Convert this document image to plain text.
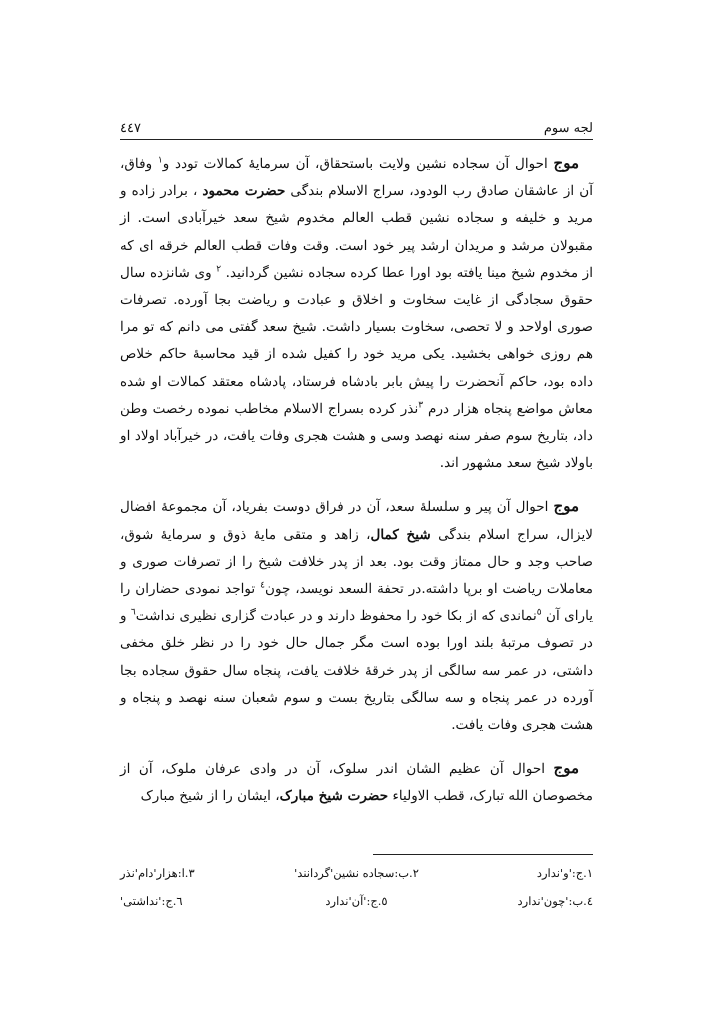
لجه سوم
٤٤٧

موج احوال آن سجاده نشین ولایت باستحقاق، آن سرمایهٔ کمالات تودد و$^١$ وفاق، آن از عاشقان صادق رب الودود، سراج الاسلام بندگی حضرت محمود ، برادر زاده و مرید و خلیفه و سجاده نشین قطب العالم مخدوم شیخ سعد خیرآبادی است. از مقبولان مرشد و مریدان ارشد پیر خود است. وقت وفات قطب العالم خرقه ای که از مخدوم شیخ مینا یافته بود اورا عطا کرده سجاده نشین گردانید. $^٢$ وی شانزده سال حقوق سجادگی از غایت سخاوت و اخلاق و عبادت و ریاضت بجا آورده. تصرفات صوری اولاحد و لا تحصی، سخاوت بسیار داشت. شیخ سعد گفتی می دانم که تو مرا هم روزی خواهی بخشید. یکی مرید خود را کفیل شده از قید محاسبهٔ حاکم خلاص داده بود، حاکم آنحضرت را پیش بابر بادشاه فرستاد، پادشاه معتقد کمالات او شده معاش مواضع پنجاه هزار درم $^٣$نذر کرده بسراج الاسلام مخاطب نموده رخصت وطن داد، بتاریخ سوم صفر سنه نهصد وسی و هشت هجری وفات یافت، در خیرآباد اولاد او باولاد شیخ سعد مشهور اند.

موج احوال آن پیر و سلسلهٔ سعد، آن در فراق دوست بفریاد، آن مجموعهٔ افضال لایزال، سراج اسلام بندگی شیخ کمال، زاهد و متقی مایهٔ ذوق و سرمایهٔ شوق، صاحب وجد و حال ممتاز وقت بود. بعد از پدر خلافت شیخ را از تصرفات صوری و معاملات ریاضت او برپا داشته.در تحفة السعد نویسد، چون$^٤$ تواجد نمودی حضاران را یارای آن $^٥$نماندی که از بکا خود را محفوظ دارند و در عبادت گزاری نظیری نداشت$^٦$ و در تصوف مرتبهٔ بلند اورا بوده است مگر جمال حال خود را در نظر خلق مخفی داشتی، در عمر سه سالگی از پدر خرقهٔ خلافت یافت، پنجاه سال حقوق سجاده بجا آورده در عمر پنجاه و سه سالگی بتاریخ بست و سوم شعبان سنه نهصد و پنجاه و هشت هجری وفات یافت.

موج احوال آن عظیم الشان اندر سلوک، آن در وادی عرفان ملوک، آن از مخصوصان الله تبارک، قطب الاولیاء حضرت شیخ مبارک، ایشان را از شیخ مبارک

١.ج:'و'ندارد
٢.ب:سجاده نشین'گردانند'
٣.ا:هزار'دام'نذر
٤.ب:'چون'ندارد
٥.ج:'آن'ندارد
٦.ج:'نداشتی'
